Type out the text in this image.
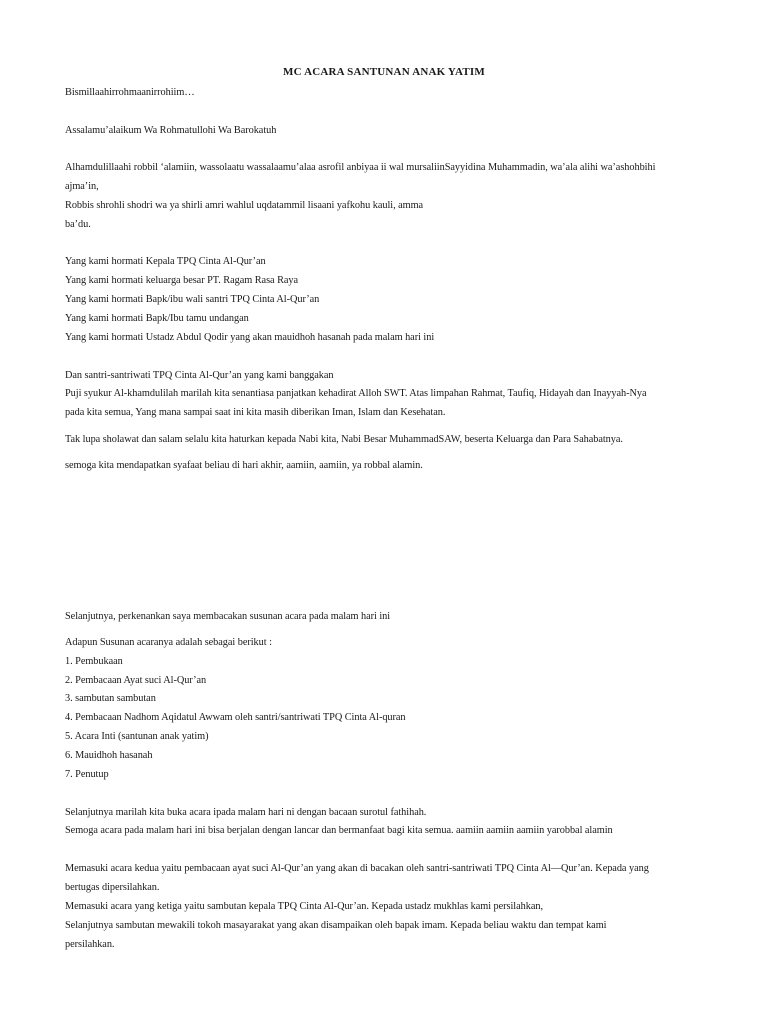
MC ACARA SANTUNAN ANAK YATIM
Bismillaahirrohmaanirrohiim…
Assalamu’alaikum Wa Rohmatullohi Wa Barokatuh
Alhamdulillaahi robbil ‘alamiin, wassolaatu wassalaamu’alaa asrofil anbiyaa ii wal mursaliinSayyidina Muhammadin, wa’ala alihi wa’ashohbihi
ajma’in,
Robbis shrohli shodri wa ya shirli amri wahlul uqdatammil lisaani yafkohu kauli, amma
ba’du.
Yang kami hormati Kepala TPQ Cinta Al-Qur’an
Yang kami hormati keluarga besar PT. Ragam Rasa Raya
Yang kami hormati Bapk/ibu wali santri TPQ Cinta Al-Qur’an
Yang kami hormati Bapk/Ibu tamu undangan
Yang kami hormati Ustadz Abdul Qodir yang akan mauidhoh hasanah pada malam hari ini
Dan santri-santriwati TPQ Cinta Al-Qur’an yang kami banggakan
Puji syukur Al-khamdulilah marilah kita senantiasa panjatkan kehadirat Alloh SWT. Atas limpahan Rahmat, Taufiq, Hidayah dan Inayyah-Nya
pada kita semua, Yang mana sampai saat ini kita masih diberikan Iman, Islam dan Kesehatan.
Tak lupa sholawat dan salam selalu kita haturkan kepada Nabi kita, Nabi Besar MuhammadSAW, beserta Keluarga dan Para Sahabatnya.
semoga kita mendapatkan syafaat beliau di hari akhir, aamiin, aamiin, ya robbal alamin.
Selanjutnya, perkenankan saya membacakan susunan acara pada malam hari ini
Adapun Susunan acaranya adalah sebagai berikut :
1. Pembukaan
2. Pembacaan Ayat suci Al-Qur’an
3. sambutan sambutan
4. Pembacaan Nadhom Aqidatul Awwam oleh santri/santriwati TPQ Cinta Al-quran
5. Acara Inti (santunan anak yatim)
6. Mauidhoh hasanah
7. Penutup
Selanjutnya marilah kita buka acara ipada malam hari ni dengan bacaan surotul fathihah.
Semoga acara pada malam hari ini bisa berjalan dengan lancar dan bermanfaat bagi kita semua. aamiin aamiin aamiin yarobbal alamin
Memasuki acara kedua yaitu pembacaan ayat suci Al-Qur’an yang akan di bacakan oleh santri-santriwati TPQ Cinta Al—Qur’an. Kepada yang
bertugas dipersilahkan.
Memasuki acara yang ketiga yaitu sambutan kepala TPQ Cinta Al-Qur’an. Kepada ustadz mukhlas kami persilahkan,
Selanjutnya sambutan mewakili tokoh masayarakat yang akan disampaikan oleh bapak imam. Kepada beliau waktu dan tempat kami
persilahkan.
